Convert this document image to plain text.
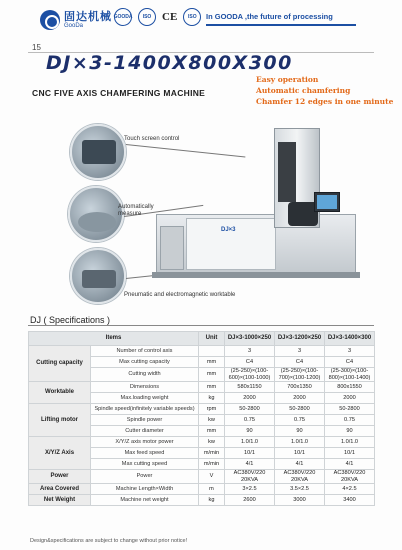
固达机械
GooDa
GOODA	ISO CE	ISO	In GOODA ,the future of processing
15
DJ×3-1400X800X300
CNC FIVE AXIS CHAMFERING MACHINE
Easy operation
Automatic chamfering
Chamfer 12 edges in one minute
Touch screen control
Automatically measure
Pneumatic and electromagnetic worktable
DJ×3
DJ ( Specifications )
Items		Unit	DJ×3-1000×250	DJ×3-1200×250	DJ×3-1400×300
Cutting capacity	Number of control axis		3	3	3
	Max cutting capacity	mm	C4	C4	C4
	Cutting width	mm	(25-250)×(100-600)×(100-1000)	(25-250)×(100-700)×(100-1200)	(25-300)×(100-800)×(100-1400)
Worktable	Dimensions	mm	580x1150	700x1350	800x1550
	Max.loading weight	kg	2000	2000	2000
Lifting motor	Spindle speed(infinitely variable speeds)	rpm	50-2800	50-2800	50-2800
	Spindle power	kw	0.75	0.75	0.75
	Cutter diameter	mm	90	90	90
X/Y/Z Axis	X/Y/Z axis motor power	kw	1.0/1.0	1.0/1.0	1.0/1.0
	Max feed speed	m/min	10/1	10/1	10/1
	Max cutting speed	m/min	4/1	4/1	4/1
Power	Power	V	AC380V/220 20KVA	AC380V/220 20KVA	AC380V/220 20KVA
Area Covered	Machine Length×Width	m	3×2.5	3.5×2.5	4×2.5
Net Weight	Machine net weight	kg	2600	3000	3400
Design&specifications are subject to change without prior notice!
